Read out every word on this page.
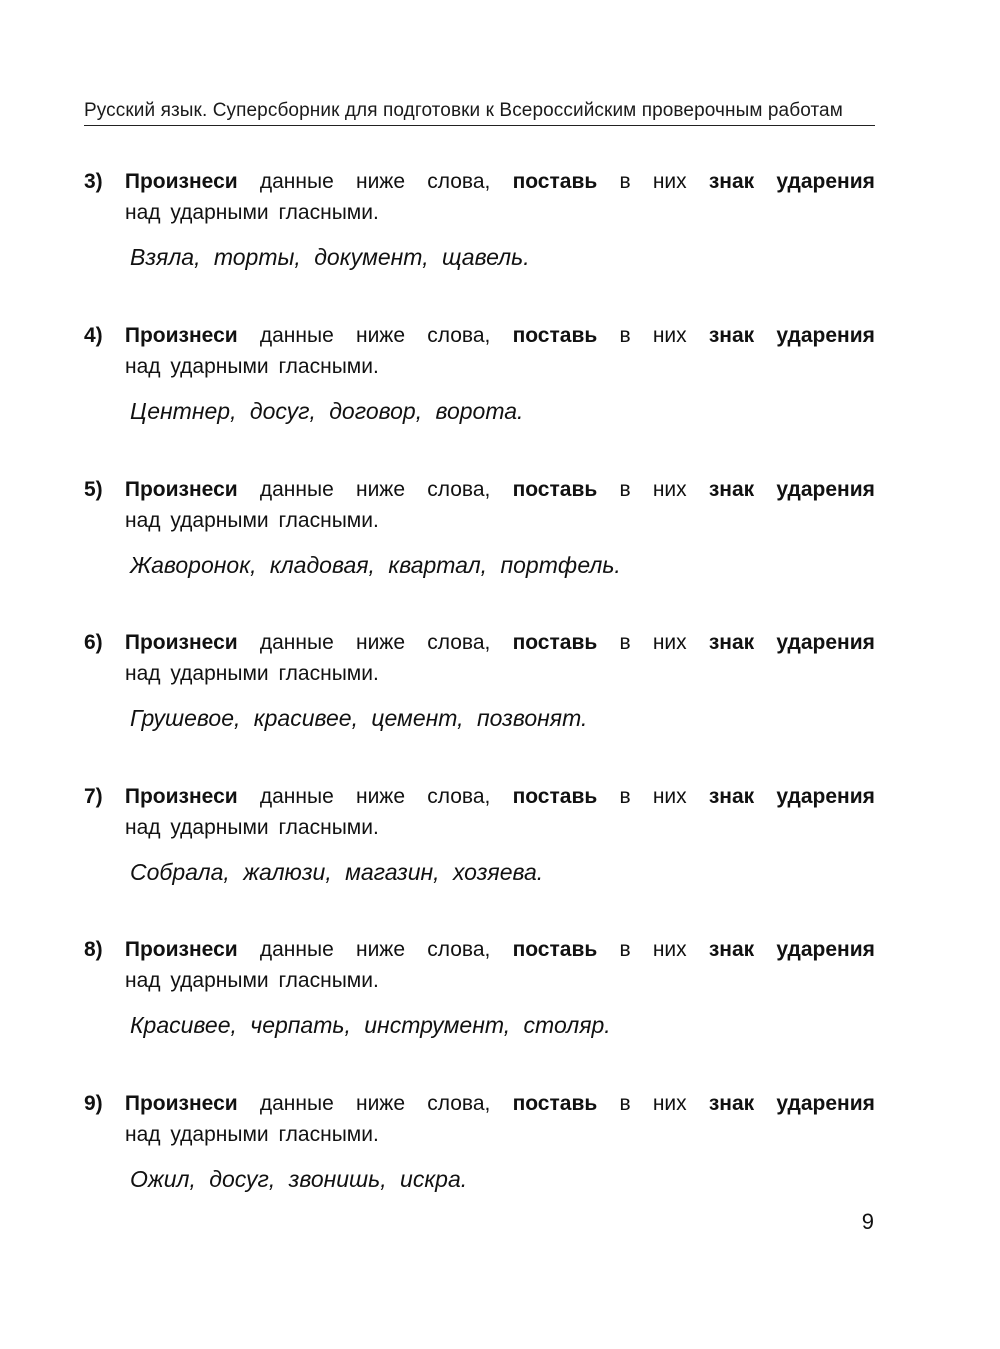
Русский язык. Суперсборник для подготовки к Всероссийским проверочным работам
3) Произнеси данные ниже слова, поставь в них знак ударения
над ударными гласными.
Взяла, торты, документ, щавель.
4) Произнеси данные ниже слова, поставь в них знак ударения
над ударными гласными.
Центнер, досуг, договор, ворота.
5) Произнеси данные ниже слова, поставь в них знак ударения
над ударными гласными.
Жаворонок, кладовая, квартал, портфель.
6) Произнеси данные ниже слова, поставь в них знак ударения
над ударными гласными.
Грушевое, красивее, цемент, позвонят.
7) Произнеси данные ниже слова, поставь в них знак ударения
над ударными гласными.
Собрала, жалюзи, магазин, хозяева.
8) Произнеси данные ниже слова, поставь в них знак ударения
над ударными гласными.
Красивее, черпать, инструмент, столяр.
9) Произнеси данные ниже слова, поставь в них знак ударения
над ударными гласными.
Ожил, досуг, звонишь, искра.
9
